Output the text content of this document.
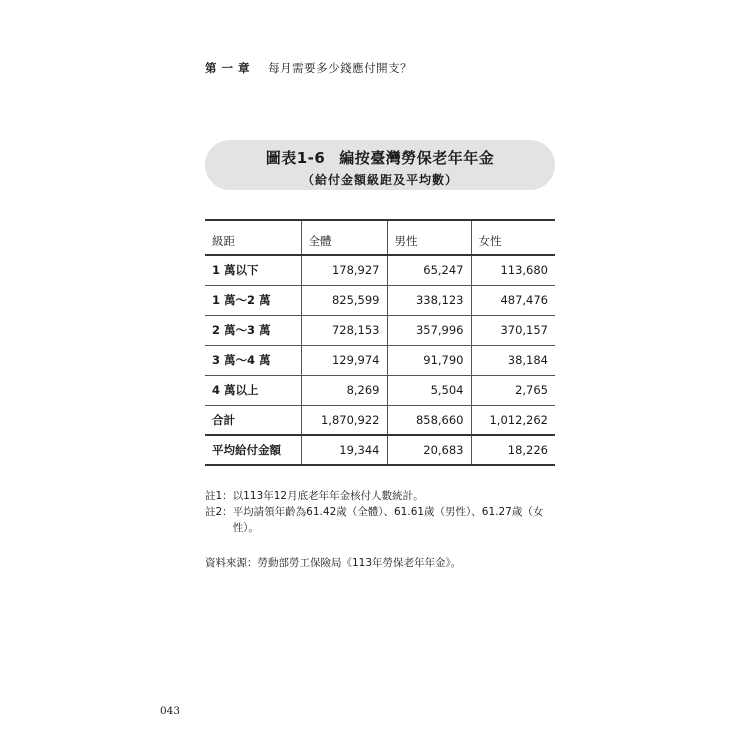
第 一 章 每月需要多少錢應付開支？
圖表1-6 編按臺灣勞保老年年金
（給付金額級距及平均數）
級距	全體	男性	女性
1 萬以下	178,927	65,247	113,680
1 萬～2 萬	825,599	338,123	487,476
2 萬～3 萬	728,153	357,996	370,157
3 萬～4 萬	129,974	91,790	38,184
4 萬以上	8,269	5,504	2,765
合計	1,870,922	858,660	1,012,262
平均給付金額	19,344	20,683	18,226
註1： 以113年12月底老年年金核付人數統計。
註2： 平均請領年齡為61.42歲（全體）、61.61歲（男性）、61.27歲（女性）。
資料來源：勞動部勞工保險局《113年勞保老年年金》。
043
